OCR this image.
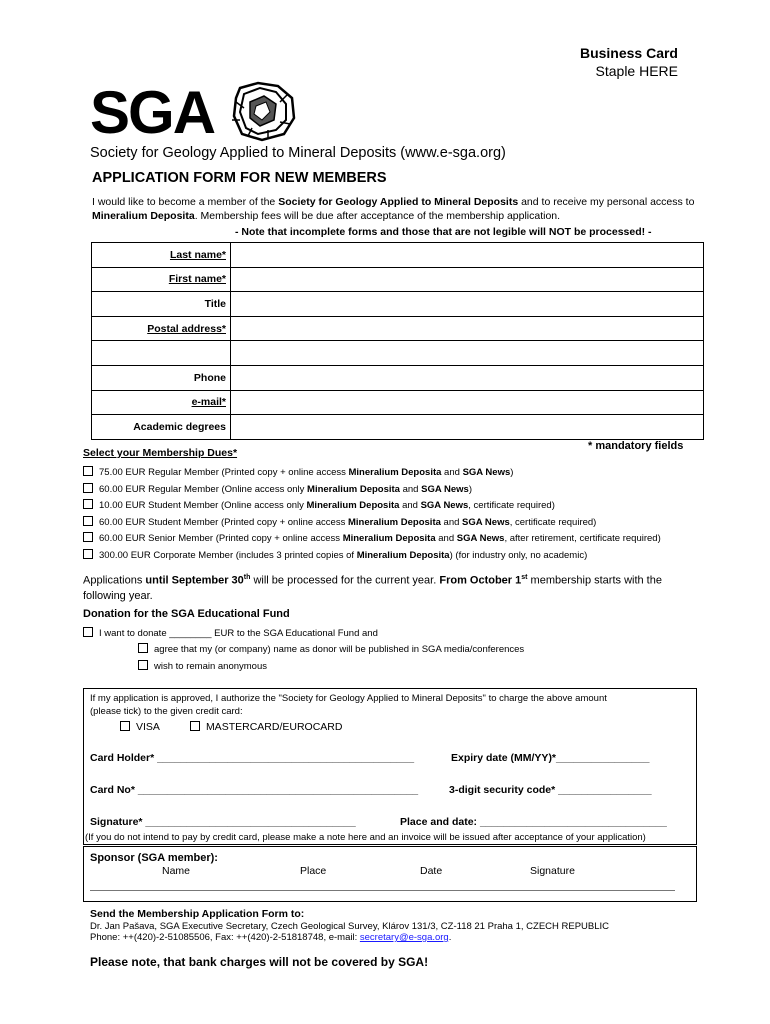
Business Card
Staple HERE
SGA
Society for Geology Applied to Mineral Deposits (www.e-sga.org)
APPLICATION FORM FOR NEW MEMBERS
I would like to become a member of the Society for Geology Applied to Mineral Deposits and to receive my personal access to Mineralium Deposita. Membership fees will be due after acceptance of the membership application.
- Note that incomplete forms and those that are not legible will NOT be processed! -
Last name*	
First name*	
Title	
Postal address*	

Phone	
e-mail*	
Academic degrees	
* mandatory fields
Select your Membership Dues*
75.00 EUR Regular Member (Printed copy + online access Mineralium Deposita and SGA News)
60.00 EUR Regular Member (Online access only Mineralium Deposita and SGA News)
10.00 EUR Student Member (Online access only Mineralium Deposita and SGA News, certificate required)
60.00 EUR Student Member (Printed copy + online access Mineralium Deposita and SGA News, certificate required)
60.00 EUR Senior Member (Printed copy + online access Mineralium Deposita and SGA News, after retirement, certificate required)
300.00 EUR Corporate Member (includes 3 printed copies of Mineralium Deposita) (for industry only, no academic)
Applications until September 30th will be processed for the current year. From October 1st membership starts with the
following year.
Donation for the SGA Educational Fund
I want to donate ________ EUR to the SGA Educational Fund and
agree that my (or company) name as donor will be published in SGA media/conferences
wish to remain anonymous
If my application is approved, I authorize the "Society for Geology Applied to Mineral Deposits" to charge the above amount
(please tick) to the given credit card:
VISA	MASTERCARD/EUROCARD
Card Holder* ____________________________________________	Expiry date (MM/YY)*________________
Card No* ________________________________________________	3-digit security code* ________________
Signature* ____________________________________	Place and date: ________________________________
(If you do not intend to pay by credit card, please make a note here and an invoice will be issued after acceptance of your application)
Sponsor (SGA member):
Name	Place	Date	Signature
Send the Membership Application Form to:
Dr. Jan Pašava, SGA Executive Secretary, Czech Geological Survey, Klárov 131/3, CZ-118 21 Praha 1, CZECH REPUBLIC
Phone: ++(420)-2-51085506, Fax: ++(420)-2-51818748, e-mail: secretary@e-sga.org.
Please note, that bank charges will not be covered by SGA!
